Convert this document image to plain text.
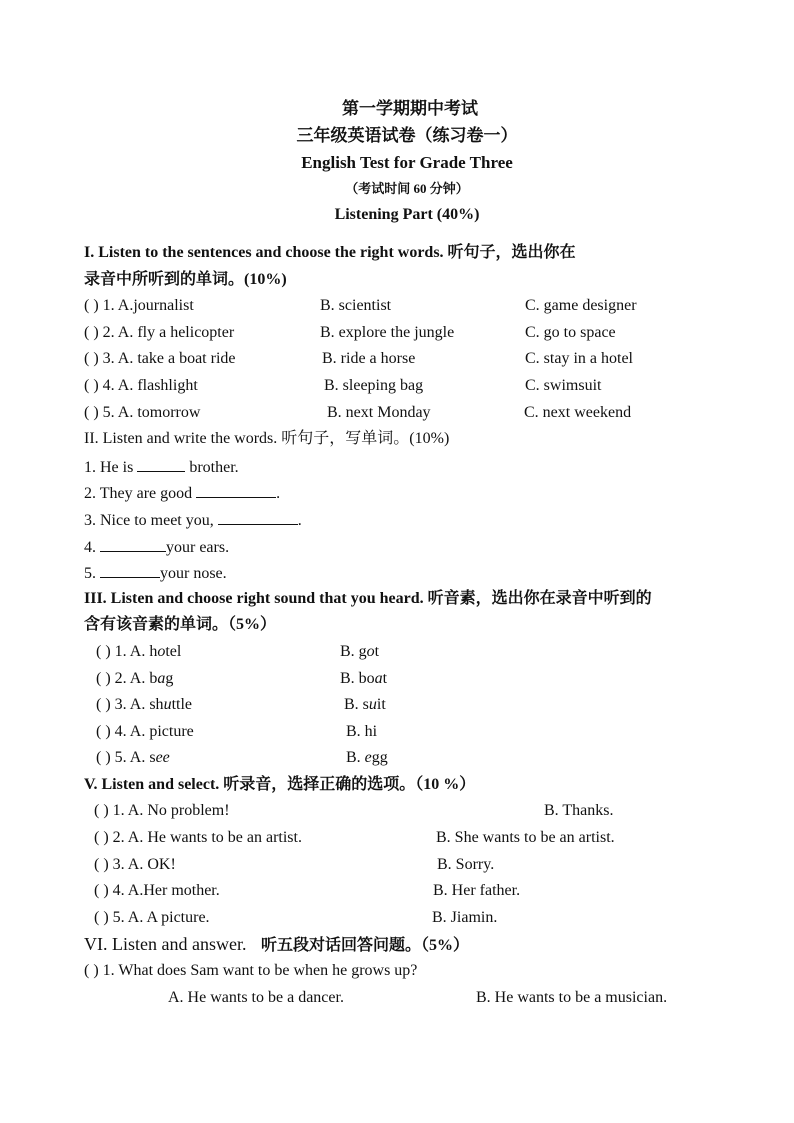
第一学期期中考试
三年级英语试卷（练习卷一）
English Test for Grade Three
（考试时间 60 分钟）
Listening Part (40%)
I. Listen to the sentences and choose the right words. 听句子，选出你在
录音中所听到的单词。(10%)
( ) 1. A.journalist	B. scientist	C. game designer
( ) 2. A. fly a helicopter	B. explore the jungle	C. go to space
( ) 3. A. take a boat ride	B. ride a horse	C. stay in a hotel
( ) 4. A. flashlight	B. sleeping bag	C. swimsuit
( ) 5. A. tomorrow	B. next Monday	C. next weekend
II. Listen and write the words. 听句子，写单词。(10%)
1. He is	brother.
2. They are good	.
3. Nice to meet you,	.
4.	your ears.
5.	your nose.
III. Listen and choose right sound that you heard. 听音素，选出你在录音中听到的
含有该音素的单词。（5%）
( ) 1. A. hotel	B. got
( ) 2. A. bag	B. boat
( ) 3. A. shuttle	B. suit
( ) 4. A. picture	B. hi
( ) 5. A. see	B. egg
V. Listen and select. 听录音，选择正确的选项。（10 %）
( ) 1. A. No problem!	B. Thanks.
( ) 2. A. He wants to be an artist.	B. She wants to be an artist.
( ) 3. A. OK!	B. Sorry.
( ) 4. A.Her mother.	B. Her father.
( ) 5. A. A picture.	B. Jiamin.
VI. Listen and answer. 听五段对话回答问题。（5%）
( ) 1. What does Sam want to be when he grows up?
A. He wants to be a dancer.	B. He wants to be a musician.
